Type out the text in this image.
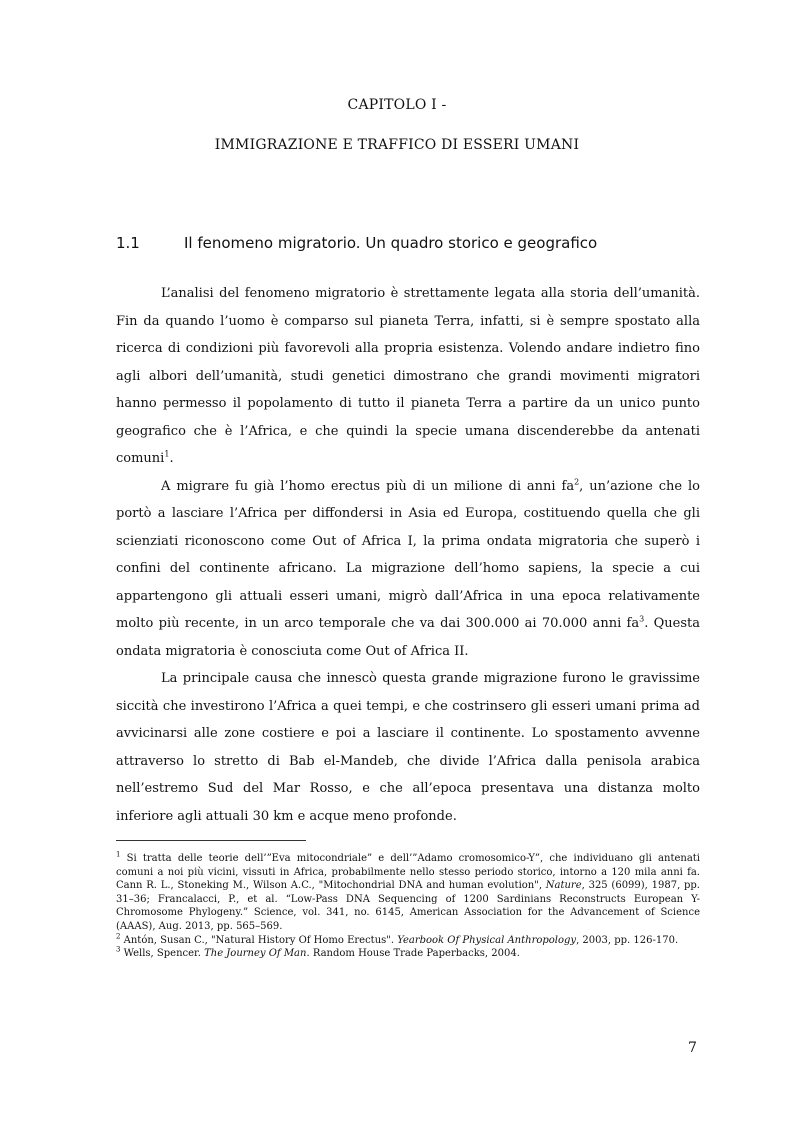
CAPITOLO I -
IMMIGRAZIONE E TRAFFICO DI ESSERI UMANI
1.1	Il fenomeno migratorio. Un quadro storico e geografico

L’analisi del fenomeno migratorio è strettamente legata alla storia dell’umanità. Fin da quando l’uomo è comparso sul pianeta Terra, infatti, si è sempre spostato alla ricerca di condizioni più favorevoli alla propria esistenza. Volendo andare indietro fino agli albori dell’umanità, studi genetici dimostrano che grandi movimenti migratori hanno permesso il popolamento di tutto il pianeta Terra a partire da un unico punto geografico che è l’Africa, e che quindi la specie umana discenderebbe da antenati comuni$^1$.

A migrare fu già l’homo erectus più di un milione di anni $fa^2$, un’azione che lo portò a lasciare l’Africa per diffondersi in Asia ed Europa, costituendo quella che gli scienziati riconoscono come Out of Africa I, la prima ondata migratoria che superò i confini del continente africano. La migrazione dell’homo sapiens, la specie a cui appartengono gli attuali esseri umani, migrò dall’Africa in una epoca relativamente molto più recente, in un arco temporale che va dai 300.000 ai 70.000 anni $fa^3$. Questa ondata migratoria è conosciuta come Out of Africa II.

La principale causa che innescò questa grande migrazione furono le gravissime siccità che investirono l’Africa a quei tempi, e che costrinsero gli esseri umani prima ad avvicinarsi alle zone costiere e poi a lasciare il continente. Lo spostamento avvenne attraverso lo stretto di Bab el-Mandeb, che divide l’Africa dalla penisola arabica nell’estremo Sud del Mar Rosso, e che all’epoca presentava una distanza molto inferiore agli attuali 30 km e acque meno profonde.

$^1$ Si tratta delle teorie dell’”Eva mitocondriale” e dell’”Adamo cromosomico-Y”, che individuano gli antenati comuni a noi più vicini, vissuti in Africa, probabilmente nello stesso periodo storico, intorno a 120 mila anni fa. Cann R. L., Stoneking M., Wilson A.C., "Mitochondrial DNA and human evolution", Nature, 325 (6099), 1987, pp. 31–36; Francalacci, P., et al. “Low-Pass DNA Sequencing of 1200 Sardinians Reconstructs European Y-Chromosome Phylogeny.” Science, vol. 341, no. 6145, American Association for the Advancement of Science (AAAS), Aug. 2013, pp. 565–569.

$^2$ Antón, Susan C., "Natural History Of Homo Erectus". Yearbook Of Physical Anthropology, 2003, pp. 126-170.

$^3$ Wells, Spencer. The Journey Of Man. Random House Trade Paperbacks, 2004.

7
